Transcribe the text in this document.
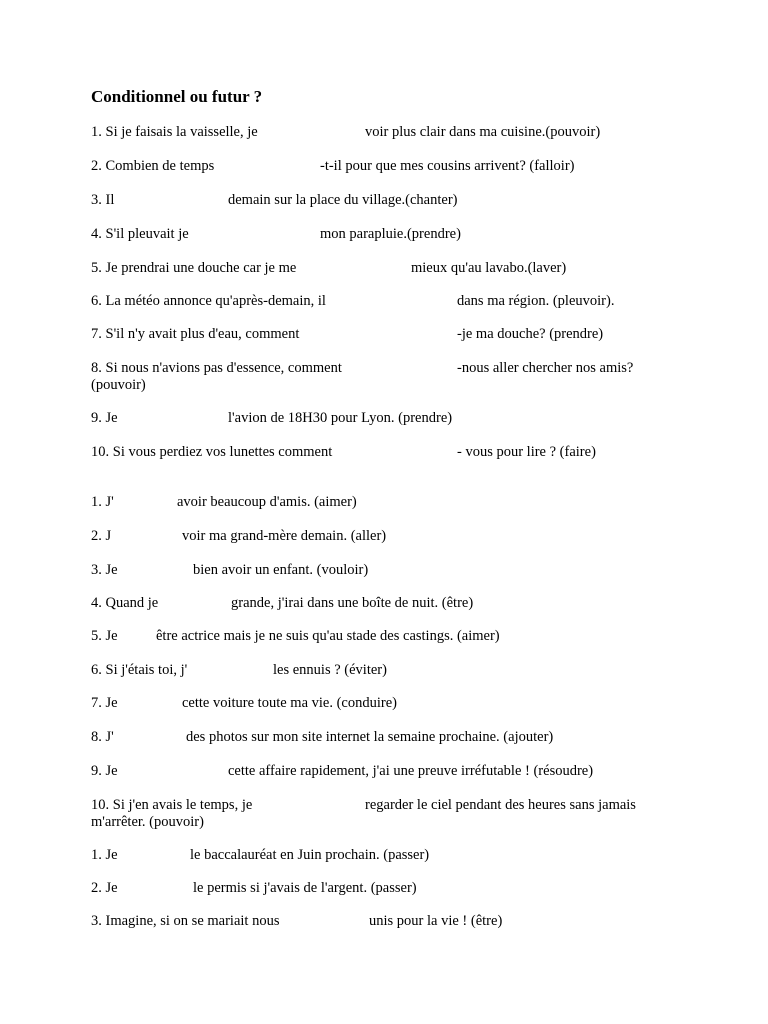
Conditionnel ou futur ?
1. Si je faisais la vaisselle, je	voir plus clair dans ma cuisine.(pouvoir)
2. Combien de temps	-t-il pour que mes cousins arrivent? (falloir)
3. Il	demain sur la place du village.(chanter)
4. S'il pleuvait je	mon parapluie.(prendre)
5. Je prendrai une douche car je me	mieux qu'au lavabo.(laver)
6. La météo annonce qu'après-demain, il	dans ma région. (pleuvoir).
7. S'il n'y avait plus d'eau, comment	-je ma douche? (prendre)
8. Si nous n'avions pas d'essence, comment	-nous aller chercher nos amis?
(pouvoir)
9. Je	l'avion de 18H30 pour Lyon. (prendre)
10. Si vous perdiez vos lunettes comment	- vous pour lire ? (faire)
1. J'	avoir beaucoup d'amis. (aimer)
2. J	voir ma grand-mère demain. (aller)
3. Je	bien avoir un enfant. (vouloir)
4. Quand je	grande, j'irai dans une boîte de nuit. (être)
5. Je	être actrice mais je ne suis qu'au stade des castings. (aimer)
6. Si j'étais toi, j'	les ennuis ? (éviter)
7. Je	cette voiture toute ma vie. (conduire)
8. J'	des photos sur mon site internet la semaine prochaine. (ajouter)
9. Je	cette affaire rapidement, j'ai une preuve irréfutable ! (résoudre)
10. Si j'en avais le temps, je	regarder le ciel pendant des heures sans jamais
m'arrêter. (pouvoir)
1. Je	le baccalauréat en Juin prochain. (passer)
2. Je	le permis si j'avais de l'argent. (passer)
3. Imagine, si on se mariait nous	unis pour la vie ! (être)
